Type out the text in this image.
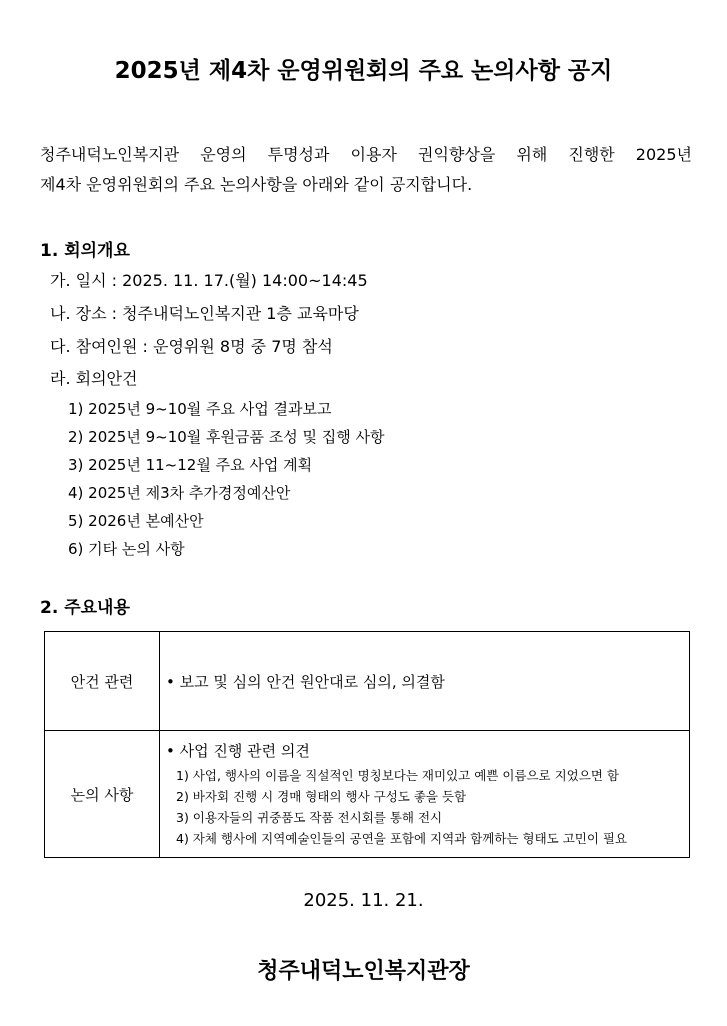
2025년 제4차 운영위원회의 주요 논의사항 공지
청주내덕노인복지관 운영의 투명성과 이용자 권익향상을 위해 진행한 2025년
제4차 운영위원회의 주요 논의사항을 아래와 같이 공지합니다.
1. 회의개요
가. 일시 : 2025. 11. 17.(월) 14:00~14:45
나. 장소 : 청주내덕노인복지관 1층 교육마당
다. 참여인원 : 운영위원 8명 중 7명 참석
라. 회의안건
1) 2025년 9~10월 주요 사업 결과보고
2) 2025년 9~10월 후원금품 조성 및 집행 사항
3) 2025년 11~12월 주요 사업 계획
4) 2025년 제3차 추가경정예산안
5) 2026년 본예산안
6) 기타 논의 사항
2. 주요내용
안건 관련	• 보고 및 심의 안건 원안대로 심의, 의결함

논의 사항	• 사업 진행 관련 의견

1) 사업, 행사의 이름을 직설적인 명칭보다는 재미있고 예쁜 이름으로 지었으면 함

2) 바자회 진행 시 경매 형태의 행사 구성도 좋을 듯함

3) 이용자들의 귀중품도 작품 전시회를 통해 전시

4) 자체 행사에 지역예술인들의 공연을 포함에 지역과 함께하는 형태도 고민이 필요

2025. 11. 21.
청주내덕노인복지관장
